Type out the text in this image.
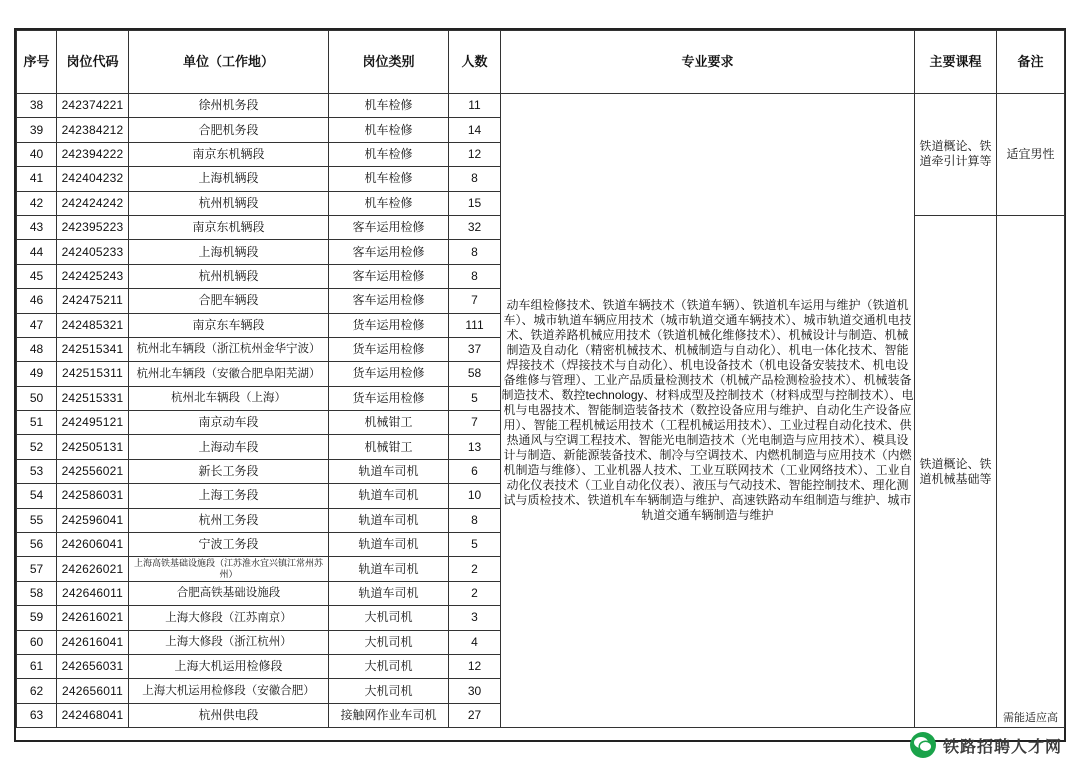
序号	岗位代码	单位（工作地）	岗位类别	人数	专业要求	主要课程	备注
38	242374221	徐州机务段	机车检修	11	动车组检修技术、铁道车辆技术（铁道车辆）、铁道机车运用与维护（铁道机车）、城市轨道车辆应用技术（城市轨道交通车辆技术）、城市轨道交通机电技术、铁道养路机械应用技术（铁道机械化维修技术）、机械设计与制造、机械制造及自动化（精密机械技术、机械制造与自动化）、机电一体化技术、智能焊接技术（焊接技术与自动化）、机电设备技术（机电设备安装技术、机电设备维修与管理）、工业产品质量检测技术（机械产品检测检验技术）、机械装备制造技术、数控technology、材料成型及控制技术（材料成型与控制技术）、电机与电器技术、智能制造装备技术（数控设备应用与维护、自动化生产设备应用）、智能工程机械运用技术（工程机械运用技术）、工业过程自动化技术、供热通风与空调工程技术、智能光电制造技术（光电制造与应用技术）、模具设计与制造、新能源装备技术、制冷与空调技术、内燃机制造与应用技术（内燃机制造与维修）、工业机器人技术、工业互联网技术（工业网络技术）、工业自动化仪表技术（工业自动化仪表）、液压与气动技术、智能控制技术、理化测试与质检技术、铁道机车车辆制造与维护、高速铁路动车组制造与维护、城市轨道交通车辆制造与维护	铁道概论、铁道牵引计算等	适宜男性
39	242384212	合肥机务段	机车检修	14			
40	242394222	南京东机辆段	机车检修	12			
41	242404232	上海机辆段	机车检修	8			
42	242424242	杭州机辆段	机车检修	15			
43	242395223	南京东机辆段	客车运用检修	32		铁道概论、铁道机械基础等	需能适应高
44	242405233	上海机辆段	客车运用检修	8			
45	242425243	杭州机辆段	客车运用检修	8			
46	242475211	合肥车辆段	客车运用检修	7			
47	242485321	南京东车辆段	货车运用检修	111			
48	242515341	杭州北车辆段（浙江杭州金华宁波）	货车运用检修	37			
49	242515311	杭州北车辆段（安徽合肥阜阳芜湖）	货车运用检修	58			
50	242515331	杭州北车辆段（上海）	货车运用检修	5			
51	242495121	南京动车段	机械钳工	7			
52	242505131	上海动车段	机械钳工	13			
53	242556021	新长工务段	轨道车司机	6			
54	242586031	上海工务段	轨道车司机	10			
55	242596041	杭州工务段	轨道车司机	8			
56	242606041	宁波工务段	轨道车司机	5			
57	242626021	上海高铁基础设施段（江苏淮水宜兴镇江常州苏州）	轨道车司机	2			
58	242646011	合肥高铁基础设施段	轨道车司机	2			
59	242616021	上海大修段（江苏南京）	大机司机	3			
60	242616041	上海大修段（浙江杭州）	大机司机	4			
61	242656031	上海大机运用检修段	大机司机	12			
62	242656011	上海大机运用检修段（安徽合肥）	大机司机	30			
63	242468041	杭州供电段	接触网作业车司机	27			
铁路招聘人才网
